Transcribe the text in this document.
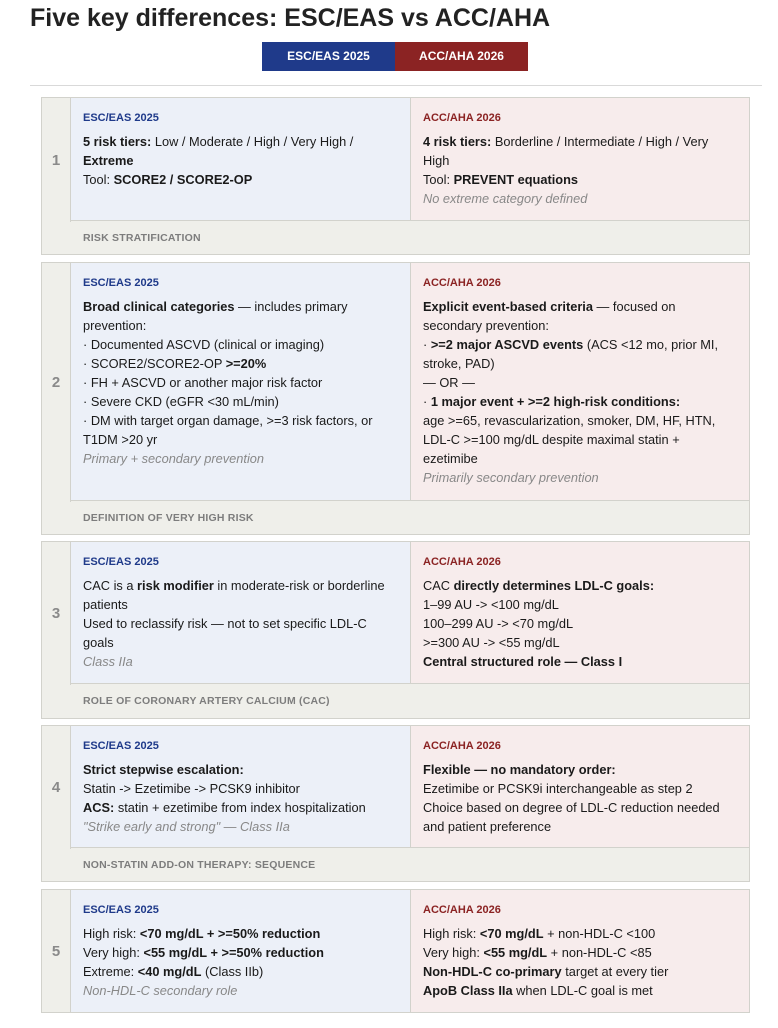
Five key differences: ESC/EAS vs ACC/AHA
ESC/EAS 2025	ACC/AHA 2026
1
ESC/EAS 2025

5 risk tiers: Low / Moderate / High / Very High / Extreme

Tool: SCORE2 / SCORE2-OP

ACC/AHA 2026

4 risk tiers: Borderline / Intermediate / High / Very High

Tool: PREVENT equations

No extreme category defined

RISK STRATIFICATION
2
ESC/EAS 2025

Broad clinical categories — includes primary prevention:

· Documented ASCVD (clinical or imaging)

· SCORE2/SCORE2-OP >=20%

· FH + ASCVD or another major risk factor

· Severe CKD (eGFR <30 mL/min)

· DM with target organ damage, >=3 risk factors, or T1DM >20 yr

Primary + secondary prevention

ACC/AHA 2026

Explicit event-based criteria — focused on secondary prevention:

· >=2 major ASCVD events (ACS <12 mo, prior MI, stroke, PAD)

— OR —

· 1 major event + >=2 high-risk conditions:

age >=65, revascularization, smoker, DM, HF, HTN, LDL-C >=100 mg/dL despite maximal statin + ezetimibe

Primarily secondary prevention

DEFINITION OF VERY HIGH RISK
3
ESC/EAS 2025

CAC is a risk modifier in moderate-risk or borderline patients

Used to reclassify risk — not to set specific LDL-C goals

Class IIa

ACC/AHA 2026

CAC directly determines LDL-C goals:

1–99 AU -> <100 mg/dL

100–299 AU -> <70 mg/dL

>=300 AU -> <55 mg/dL

Central structured role — Class I

ROLE OF CORONARY ARTERY CALCIUM (CAC)
4
ESC/EAS 2025

Strict stepwise escalation:

Statin -> Ezetimibe -> PCSK9 inhibitor

ACS: statin + ezetimibe from index hospitalization

"Strike early and strong" — Class IIa

ACC/AHA 2026

Flexible — no mandatory order:

Ezetimibe or PCSK9i interchangeable as step 2

Choice based on degree of LDL-C reduction needed and patient preference

NON-STATIN ADD-ON THERAPY: SEQUENCE
5
ESC/EAS 2025

High risk: <70 mg/dL + >=50% reduction

Very high: <55 mg/dL + >=50% reduction

Extreme: <40 mg/dL (Class IIb)

Non-HDL-C secondary role

ACC/AHA 2026

High risk: <70 mg/dL + non-HDL-C <100

Very high: <55 mg/dL + non-HDL-C <85

Non-HDL-C co-primary target at every tier

ApoB Class IIa when LDL-C goal is met
